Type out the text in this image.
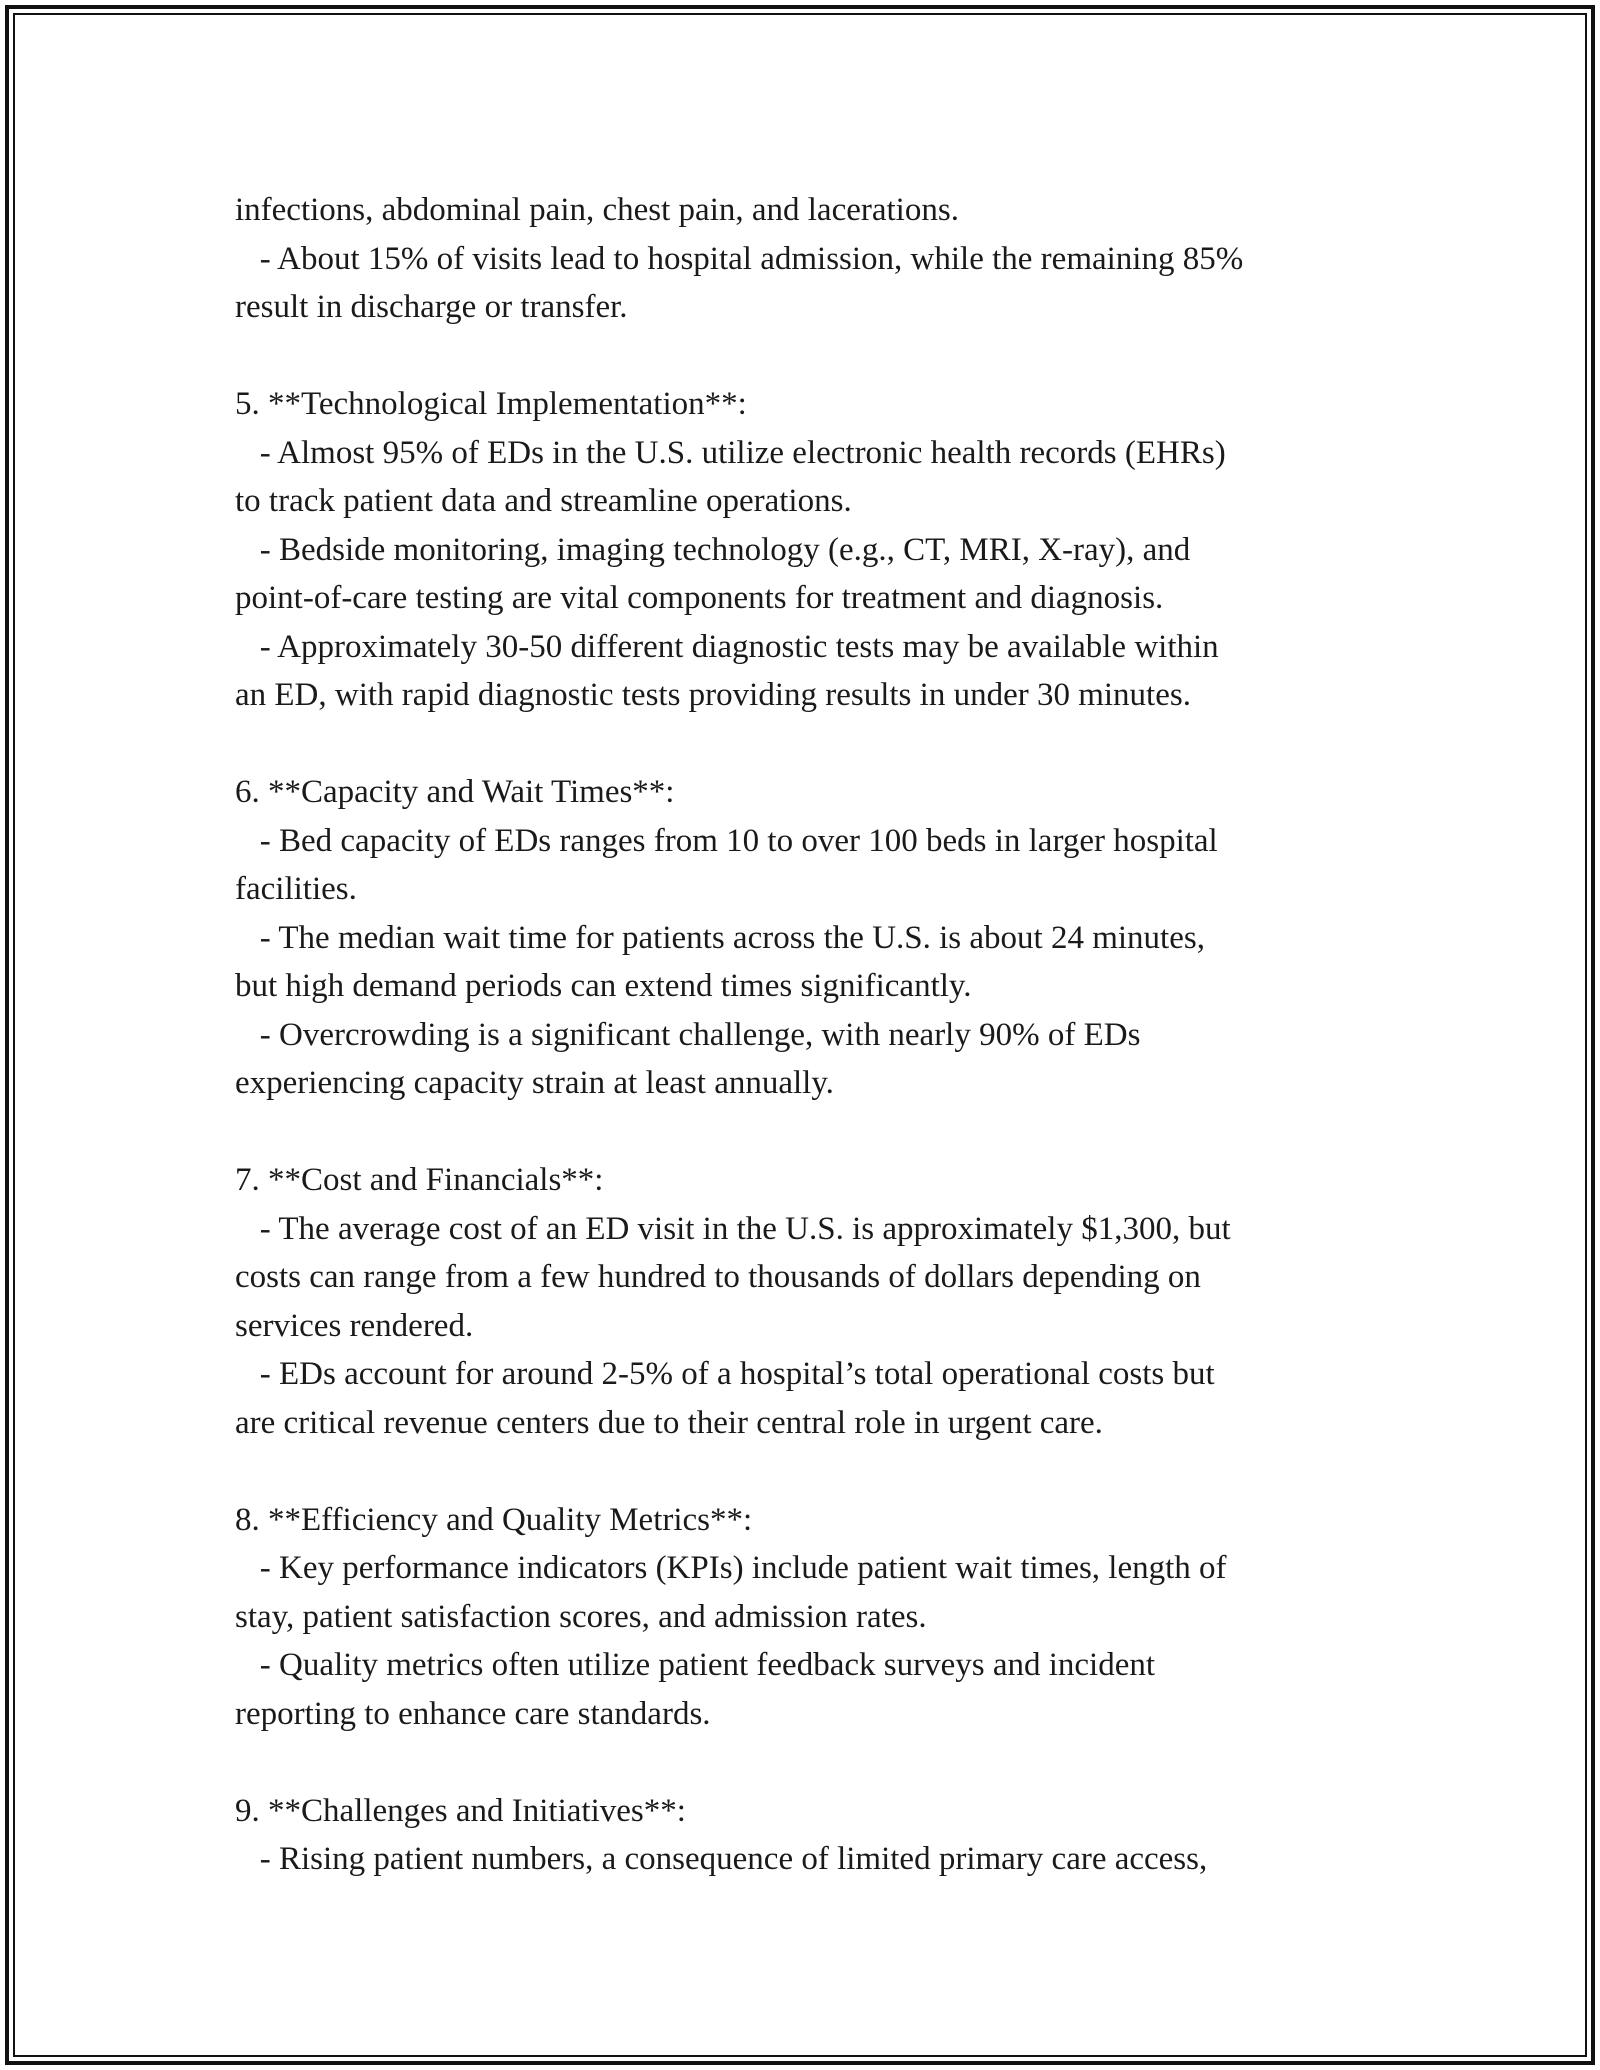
infections, abdominal pain, chest pain, and lacerations.
- About 15% of visits lead to hospital admission, while the remaining 85%
result in discharge or transfer.
5. **Technological Implementation**:
- Almost 95% of EDs in the U.S. utilize electronic health records (EHRs)
to track patient data and streamline operations.
- Bedside monitoring, imaging technology (e.g., CT, MRI, X-ray), and
point-of-care testing are vital components for treatment and diagnosis.
- Approximately 30-50 different diagnostic tests may be available within
an ED, with rapid diagnostic tests providing results in under 30 minutes.
6. **Capacity and Wait Times**:
- Bed capacity of EDs ranges from 10 to over 100 beds in larger hospital
facilities.
- The median wait time for patients across the U.S. is about 24 minutes,
but high demand periods can extend times significantly.
- Overcrowding is a significant challenge, with nearly 90% of EDs
experiencing capacity strain at least annually.
7. **Cost and Financials**:
- The average cost of an ED visit in the U.S. is approximately $1,300, but
costs can range from a few hundred to thousands of dollars depending on
services rendered.
- EDs account for around 2-5% of a hospital’s total operational costs but
are critical revenue centers due to their central role in urgent care.
8. **Efficiency and Quality Metrics**:
- Key performance indicators (KPIs) include patient wait times, length of
stay, patient satisfaction scores, and admission rates.
- Quality metrics often utilize patient feedback surveys and incident
reporting to enhance care standards.
9. **Challenges and Initiatives**:
- Rising patient numbers, a consequence of limited primary care access,
